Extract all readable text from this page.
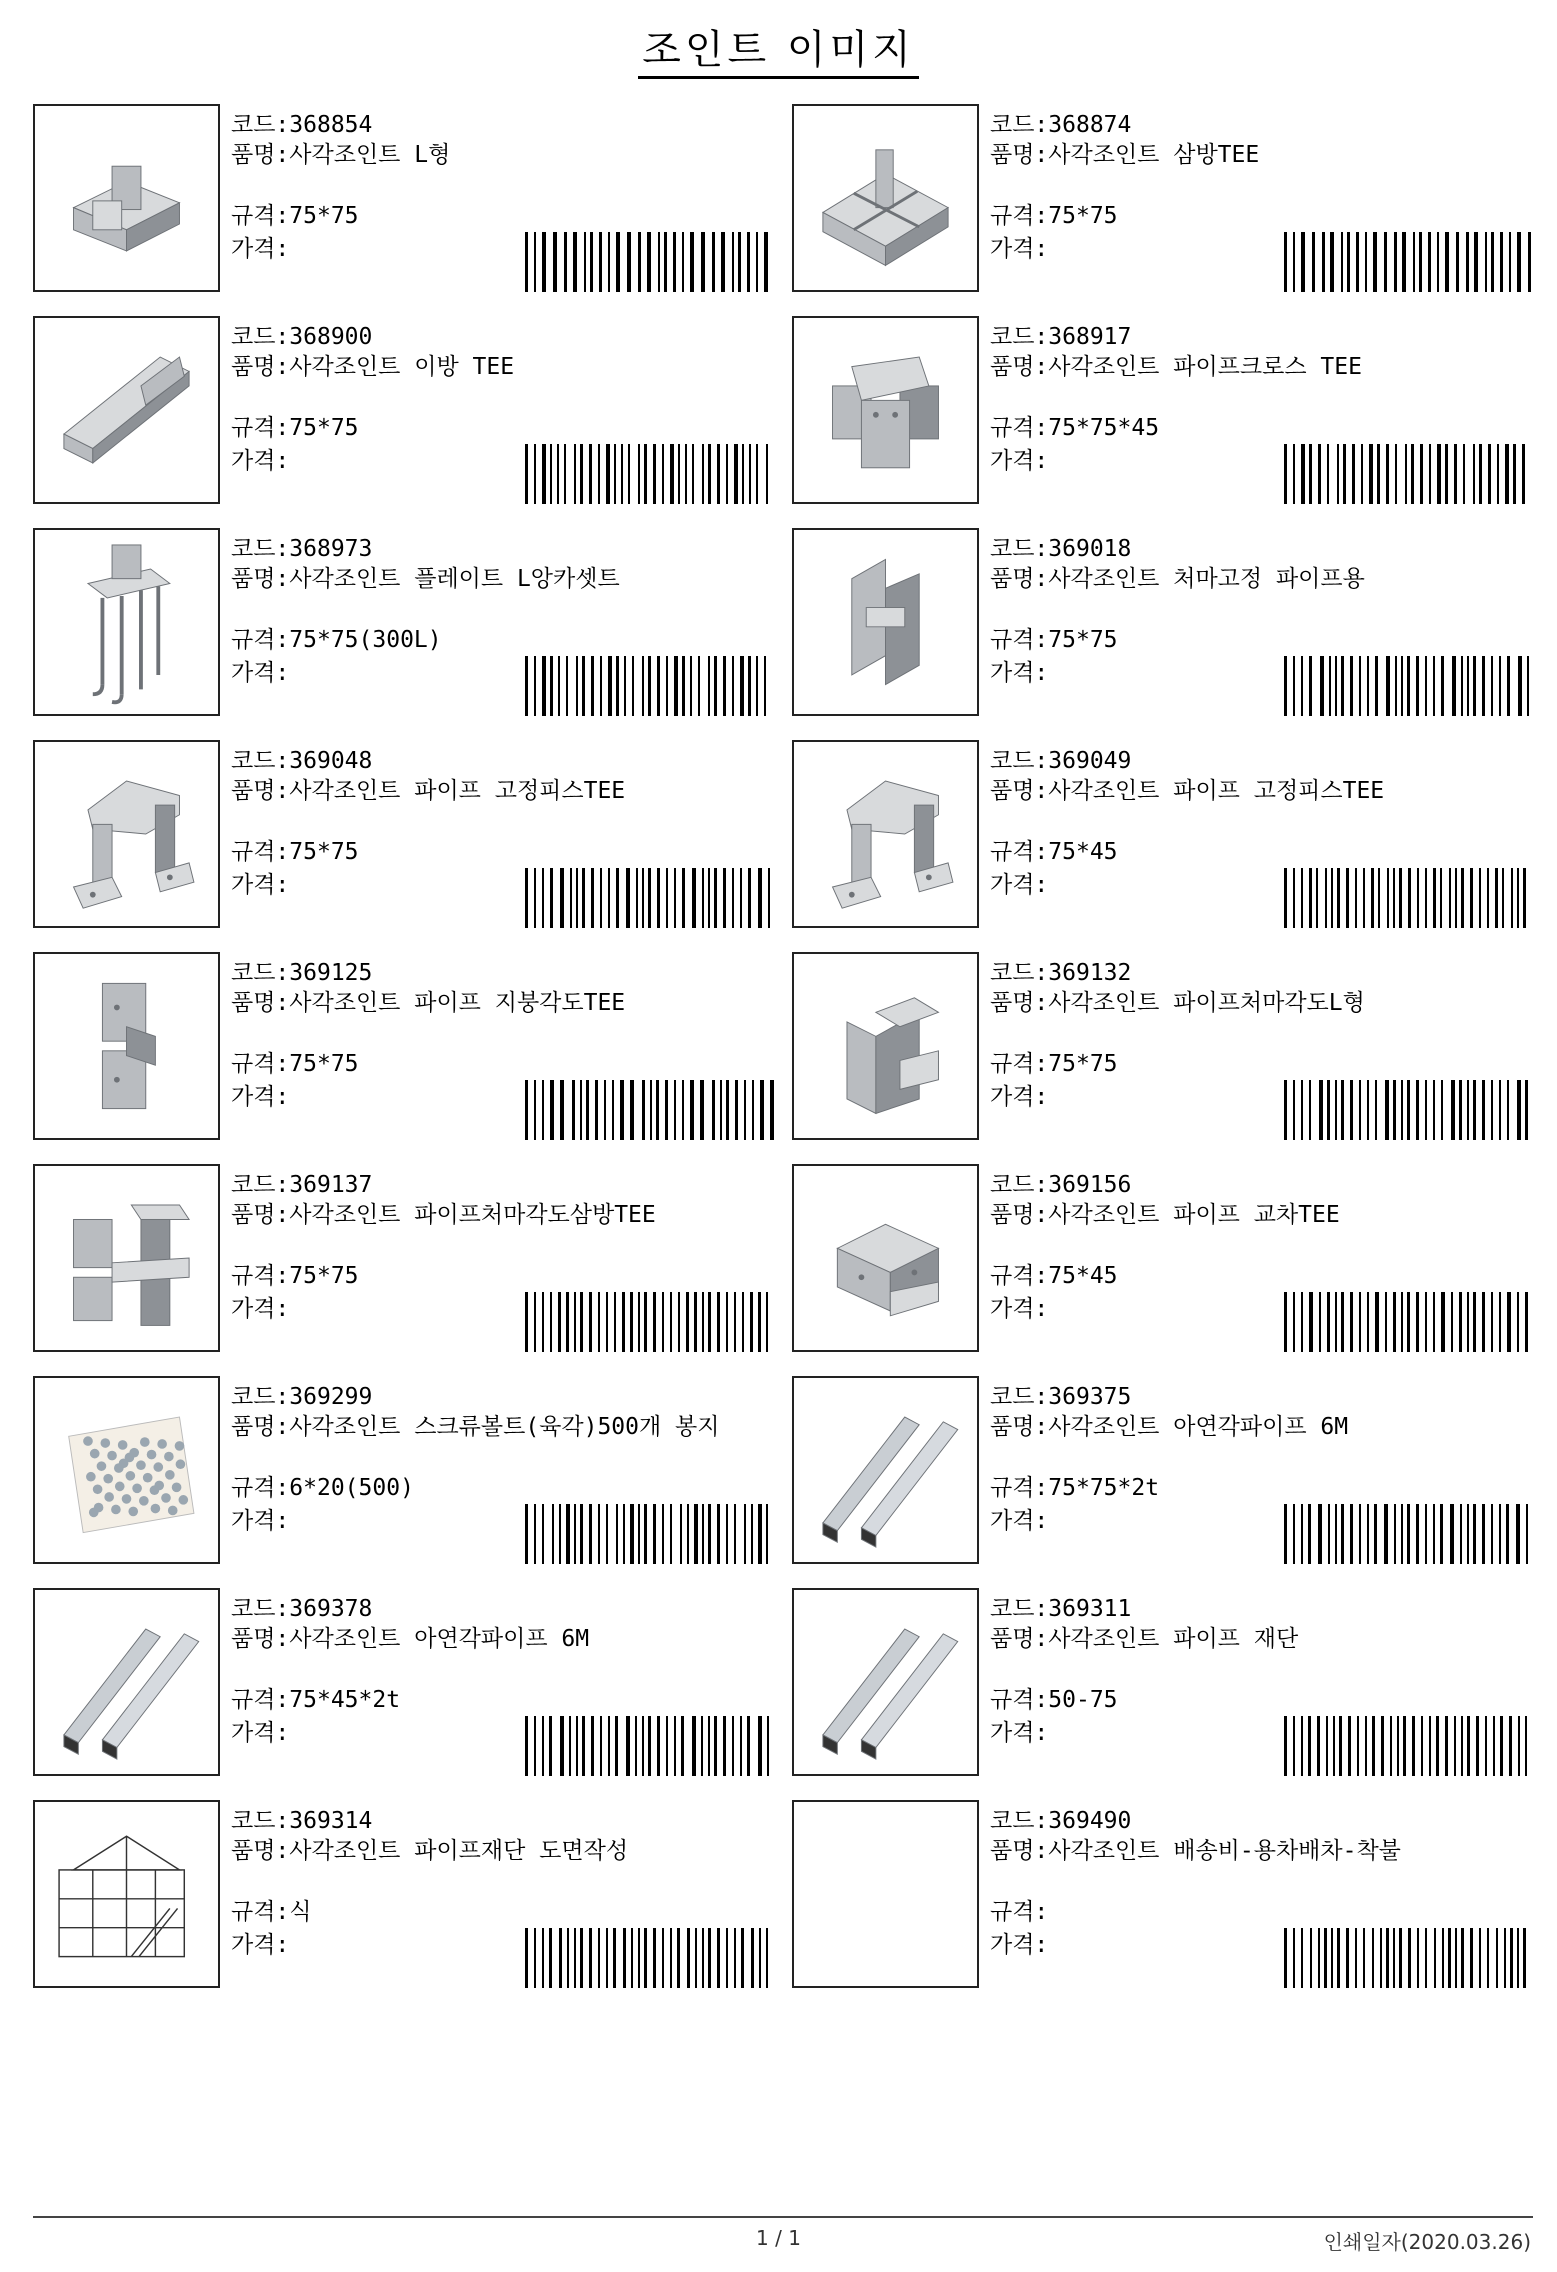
조인트 이미지
코드:368854
품명:사각조인트 L형
규격:75*75
가격:
코드:368874
품명:사각조인트 삼방TEE
규격:75*75
가격:
코드:368900
품명:사각조인트 이방 TEE
규격:75*75
가격:
코드:368917
품명:사각조인트 파이프크로스 TEE
규격:75*75*45
가격:
코드:368973
품명:사각조인트 플레이트 L앙카셋트
규격:75*75(300L)
가격:
코드:369018
품명:사각조인트 처마고정 파이프용
규격:75*75
가격:
코드:369048
품명:사각조인트 파이프 고정피스TEE
규격:75*75
가격:
코드:369049
품명:사각조인트 파이프 고정피스TEE
규격:75*45
가격:
코드:369125
품명:사각조인트 파이프 지붕각도TEE
규격:75*75
가격:
코드:369132
품명:사각조인트 파이프처마각도L형
규격:75*75
가격:
코드:369137
품명:사각조인트 파이프처마각도삼방TEE
규격:75*75
가격:
코드:369156
품명:사각조인트 파이프 교차TEE
규격:75*45
가격:
코드:369299
품명:사각조인트 스크류볼트(육각)500개 봉지
규격:6*20(500)
가격:
코드:369375
품명:사각조인트 아연각파이프 6M
규격:75*75*2t
가격:
코드:369378
품명:사각조인트 아연각파이프 6M
규격:75*45*2t
가격:
코드:369311
품명:사각조인트 파이프 재단
규격:50-75
가격:
코드:369314
품명:사각조인트 파이프재단 도면작성
규격:식
가격:
코드:369490
품명:사각조인트 배송비-용차배차-착불
규격:
가격:
1 / 1	인쇄일자(2020.03.26)
